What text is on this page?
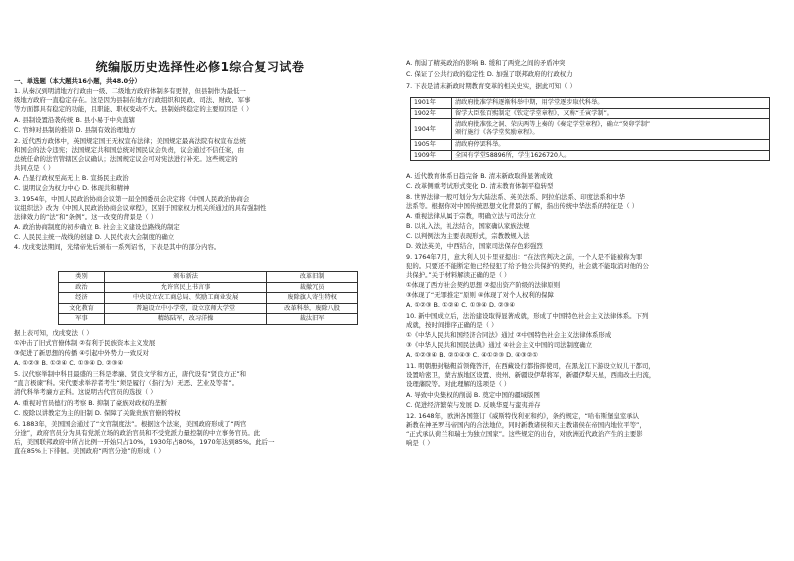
统编版历史选择性必修1综合复习试卷
一、单选题（本大题共16小题，共48.0分）
1. 从秦汉到明清地方行政由一级、二级地方政府体制多有更替，但县制作为最低一
级地方政府一直稳定存在。这是因为县制在地方行政组织和民政、司法、财政、军事
等方面都具有稳定的功能，且职能、职权变动不大。县制始终稳定的主要原因是（ ）
A. 县制设置沿袭传统 B. 县小易于中央直辖
C. 官绅对县制的推崇 D. 县制有效治理地方
2. 近代西方政体中，英国规定国王无权宣布法律；美国规定最高法院有权宣布总统
和国会的法令违宪；法国规定共和国总统对国民议会负责，议会通过不信任案，由
总统任命的法官管辖区会议确认；法国规定议会可对宪法进行补充。这些规定的
共同点是（ ）
A. 凸显行政权至高无上 B. 宣扬民主政治
C. 说明议会为权力中心 D. 体现共和精神
3. 1954年，中国人民政治协商会议第一届全国委员会决定将《中国人民政治协商会
议组织法》改为《中国人民政治协商会议章程》，区别于国家权力机关所通过的具有强制性
法律效力的“法”和“条例”。这一改变的背景是（ ）
A. 政治协商制度的初步确立 B. 社会主义建设总路线的制定
C. 人民民主统一战线的创建 D. 人民代表大会制度的确立
4. 戊戌变法期间，光绪帝先后颁布一系列诏书，下表是其中的部分内容。
据上表可知，戊戌变法（ ）
①冲击了旧式官僚体制 ②有利于民族资本主义发展
③促进了新思想的传播 ④引起中外势力一致反对
A. ①②③ B. ①②④ C. ①③④ D. ②③④
5. 汉代察举制中科目最盛的三科是孝廉、贤良文学和方正，唐代设有“贤良方正”和
“直言极谏”科。宋代要求举荐者考生“须是履行（指行为）无恶、艺业及等者”。
清代科举考廉方正科。这说明古代官员的选拔（ ）
A. 重视对官员德行的考察 B. 抑制了豪族对政权的垄断
C. 废除以讲教定为主的旧制 D. 保障了关陇贵族官僚的特权
6. 1883年，美国国会通过了“文官制度法”。根据这个法案，美国政府形成了“两官
分途”，政府官员分为具有党派立场的政治官员和不受党派力量控制的中立事务官员。此
后，美国联邦政府中所占比例一开始只占10%，1930年占80%，1970年达到85%。此后一
直在85%上下徘徊。美国政府“两官分途”的形成（ ）
类别	颁布新法	改革旧制
政治	允许官民上书言事	裁撤冗员
经济	中央设立农工商总局、奖励工商业发展	废除旗人寄生特权
文化教育	普遍设立中小学堂，设立京师大学堂	改革科举，废除八股
军事	精练陆军，改习洋操	裁汰旧军
A. 削弱了精英政治的影响 B. 缓和了两党之间的矛盾冲突
C. 保证了公共行政的稳定性 D. 加强了联邦政府的行政权力
7. 下表是清末新政时期教育变革的相关史实，据此可知（ ）
1901年	清政府批准学科逐渐科举中期，用学堂逐步取代科举。
1902年	留学大臣张百熙制定《钦定学堂章程》，又称“壬寅学制”。
1904年	清政府批准张之洞、荣庆两等上奏的《奏定学堂章程》，确立“癸卯学制”
颁行施行《各学堂奖励章程》。

1905年	清政府停罢科举。
1909年	全国有学堂58896所，学生1626720人。
A. 近代教育体系日趋完备 B. 清末新政取得显著成效
C. 改革侧重考试形式变化 D. 清末教育体制平稳转型
8. 世界法律一般可划分为大陆法系、英美法系、阿拉伯法系、印度法系和中华
法系等。根据你对中国传统思想文化背景的了解，指出传统中华法系的特征是（ ）
A. 重视法律从属于宗教，明确立法与司法分立
B. 以礼入法，礼法结合，国家确认家族法规
C. 以判例法为主要表现形式，宗教教规入法
D. 效法英美，中西结合，国家司法保存色彩强烈
9. 1764年7月，意大利人贝卡里亚提出：“在法官判决之前，一个人是不能被称为罪
犯的。只要还不能断定他已经侵犯了给予他公共保护的契约，社会就不能取消对他的公
共保护。”关于材料解读正确的是（ ）
①体现了西方社会契约思想 ②提出资产阶级的法律原则
③体现了“无罪推定”原则 ④体现了对个人权利的保障
A. ①②③ B. ①②④ C. ①③④ D. ②③④
10. 新中国成立后，法治建设取得显著成就，形成了中国特色社会主义法律体系。下列
成就，按时间排序正确的是（ ）
①《中华人民共和国经济合同法》通过 ②中国特色社会主义法律体系形成
③《中华人民共和国民法典》通过 ④社会主义中国的司法制度确立
A. ①②③④ B. ②①④③ C. ④①②③ D. ④③②①
11. 明朝册封鞑靼首领俺答汗，在西藏设行都指挥使司，在黑龙江下游设立奴儿干都司，
设置哈密卫，蒙古族地区设置、贵州、新疆设伊犁将军，新疆伊犁天星，西南改土归流，
设理藩院等。对此理解的选项是（ ）
A. 导致中央集权的削弱 B. 奠定中国的疆域版图
C. 促进经济繁荣与发展 D. 反映华夏与蛮夷并存
12. 1648年，欧洲各国签订《威斯特伐利亚和约》，条约规定，“哈布斯堡皇室承认
新教在神圣罗马帝国内的合法地位，同时新教诸侯和天主教诸侯在帝国内地位平等”，
“正式承认荷兰和瑞士为独立国家”。这些规定的出台，对欧洲近代政治产生的主要影
响是（ ）
